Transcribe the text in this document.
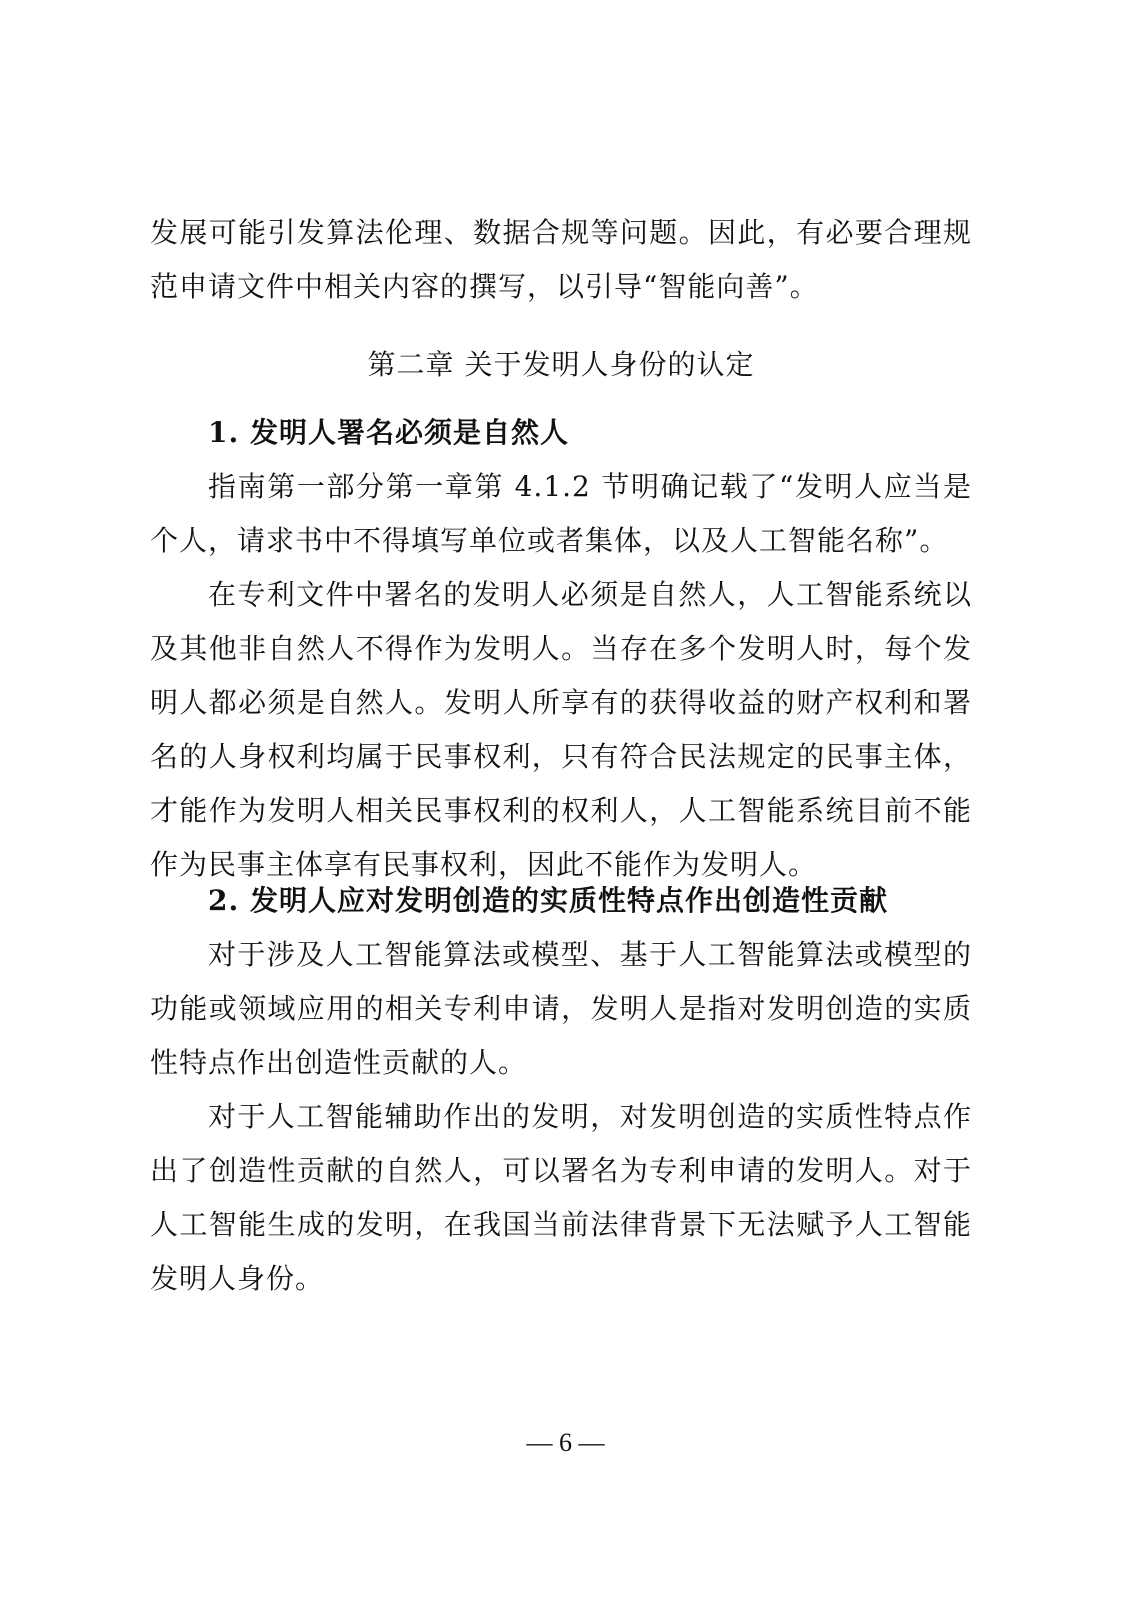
发展可能引发算法伦理、数据合规等问题。因此，有必要合理规
范申请文件中相关内容的撰写，以引导“智能向善”。
第二章 关于发明人身份的认定
1. 发明人署名必须是自然人
指南第一部分第一章第 4.1.2 节明确记载了“发明人应当是
个人，请求书中不得填写单位或者集体，以及人工智能名称”。
在专利文件中署名的发明人必须是自然人，人工智能系统以
及其他非自然人不得作为发明人。当存在多个发明人时，每个发
明人都必须是自然人。发明人所享有的获得收益的财产权利和署
名的人身权利均属于民事权利，只有符合民法规定的民事主体，
才能作为发明人相关民事权利的权利人，人工智能系统目前不能
作为民事主体享有民事权利，因此不能作为发明人。
2. 发明人应对发明创造的实质性特点作出创造性贡献
对于涉及人工智能算法或模型、基于人工智能算法或模型的
功能或领域应用的相关专利申请，发明人是指对发明创造的实质
性特点作出创造性贡献的人。
对于人工智能辅助作出的发明，对发明创造的实质性特点作
出了创造性贡献的自然人，可以署名为专利申请的发明人。对于
人工智能生成的发明，在我国当前法律背景下无法赋予人工智能
发明人身份。
— 6 —
